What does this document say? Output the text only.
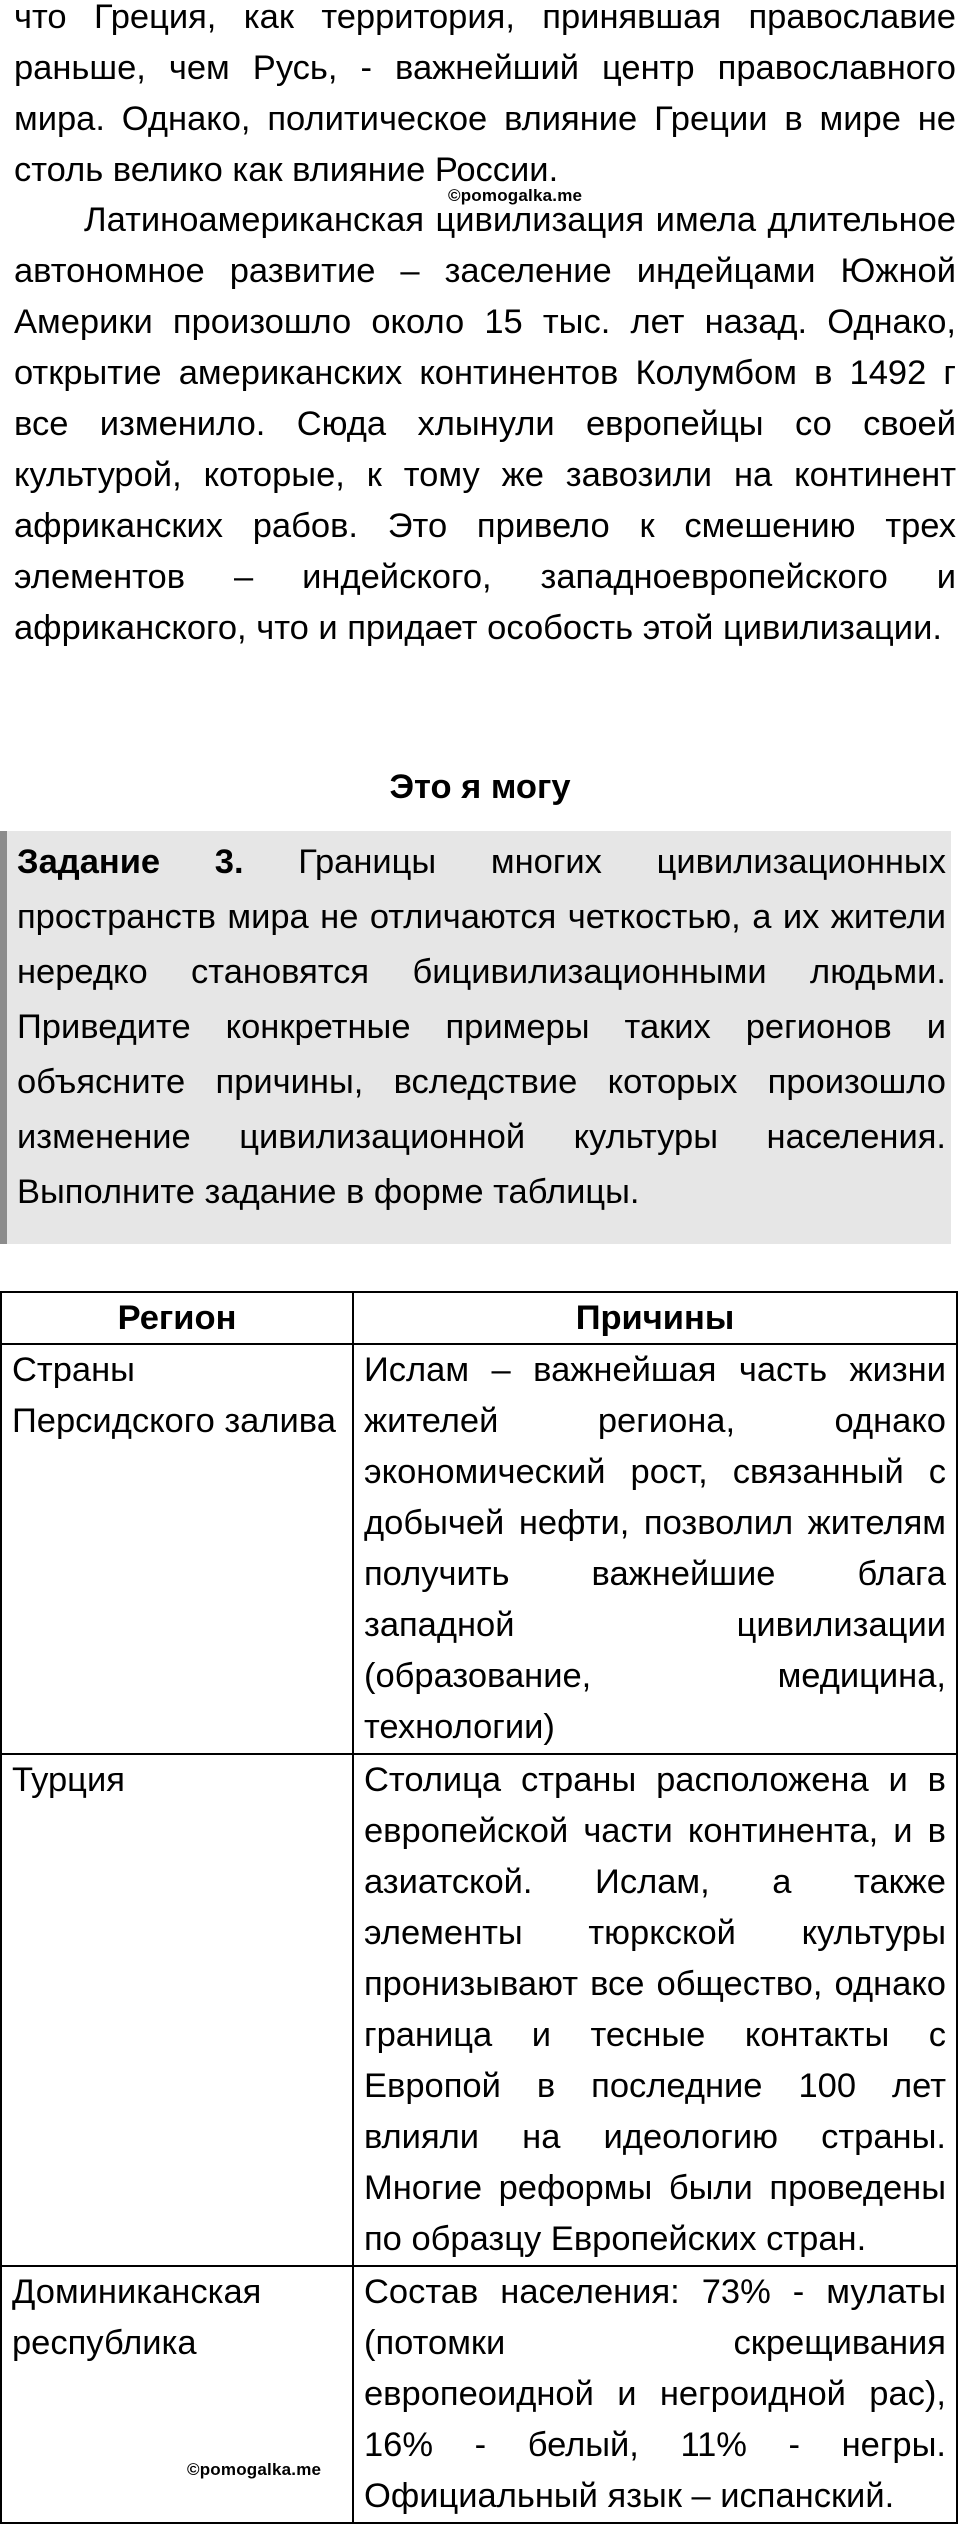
что Греция, как территория, принявшая православие раньше, чем Русь, - важнейший центр православного мира. Однако, политическое влияние Греции в мире не столь велико как влияние России.

©pomogalka.me

Латиноамериканская цивилизация имела длительное автономное развитие – заселение индейцами Южной Америки произошло около 15 тыс. лет назад. Однако, открытие американских континентов Колумбом в 1492 г все изменило. Сюда хлынули европейцы со своей культурой, которые, к тому же завозили на континент африканских рабов. Это привело к смешению трех элементов – индейского, западноевропейского и африканского, что и придает особость этой цивилизации.

Это я могу

Задание 3. Границы многих цивилизационных пространств мира не отличаются четкостью, а их жители нередко становятся бицивилизационными людьми. Приведите конкретные примеры таких регионов и объясните причины, вследствие которых произошло изменение цивилизационной культуры населения. Выполните задание в форме таблицы.

Регион	Причины
Страны Персидского залива	Ислам – важнейшая часть жизни жителей региона, однако экономический рост, связанный с добычей нефти, позволил жителям получить важнейшие блага западной цивилизации (образование, медицина, технологии)
Турция	Столица страны расположена и в европейской части континента, и в азиатской. Ислам, а также элементы тюркской культуры пронизывают все общество, однако граница и тесные контакты с Европой в последние 100 лет влияли на идеологию страны. Многие реформы были проведены по образцу Европейских стран.
Доминиканская республика	Состав населения: 73% - мулаты (потомки скрещивания европеоидной и негроидной рас), 16% - белый, 11% - негры. Официальный язык – испанский.
©pomogalka.me
